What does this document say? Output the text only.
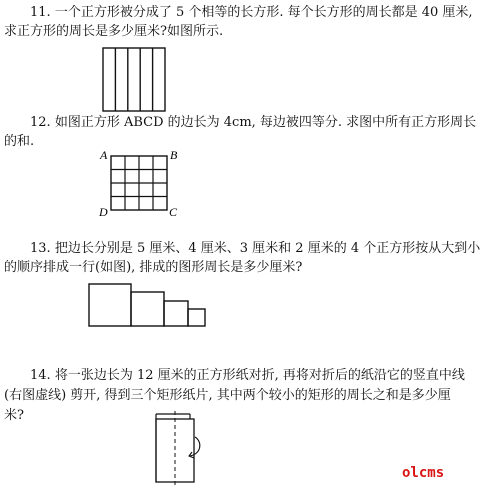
11. 一个正方形被分成了 5 个相等的长方形. 每个长方形的周长都是 40 厘米,
求正方形的周长是多少厘米?如图所示.
12. 如图正方形 ABCD 的边长为 4cm, 每边被四等分. 求图中所有正方形周长
的和.
A	B
D	C
13. 把边长分别是 5 厘米、4 厘米、3 厘米和 2 厘米的 4 个正方形按从大到小
的顺序排成一行(如图), 排成的图形周长是多少厘米?
14. 将一张边长为 12 厘米的正方形纸对折, 再将对折后的纸沿它的竖直中线
(右图虚线) 剪开, 得到三个矩形纸片, 其中两个较小的矩形的周长之和是多少厘
米?
olcms
